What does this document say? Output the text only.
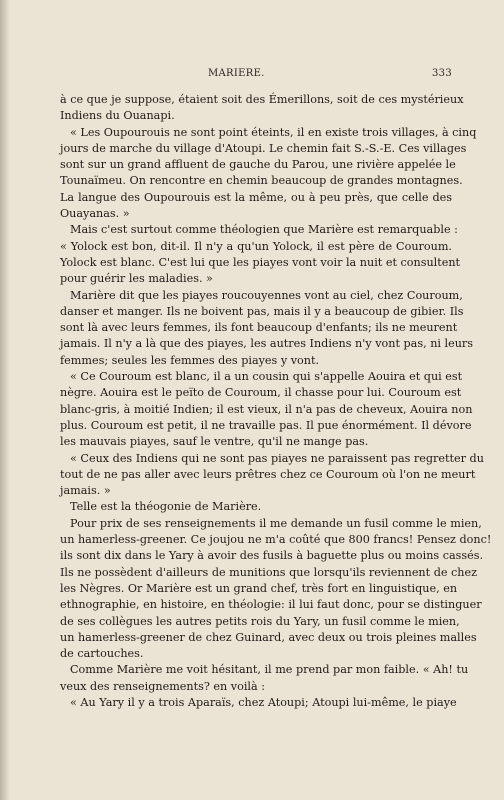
MARIERE.	333
à ce que je suppose, étaient soit des Émerillons, soit de ces mystérieux
Indiens du Ouanapi.
« Les Oupourouis ne sont point éteints, il en existe trois villages, à cinq
jours de marche du village d'Atoupi. Le chemin fait S.-S.-E. Ces villages
sont sur un grand affluent de gauche du Parou, une rivière appelée le
Tounaïmeu. On rencontre en chemin beaucoup de grandes montagnes.
La langue des Oupourouis est la même, ou à peu près, que celle des
Ouayanas. »
Mais c'est surtout comme théologien que Marière est remarquable :
« Yolock est bon, dit-il. Il n'y a qu'un Yolock, il est père de Couroum.
Yolock est blanc. C'est lui que les piayes vont voir la nuit et consultent
pour guérir les maladies. »
Marière dit que les piayes roucouyennes vont au ciel, chez Couroum,
danser et manger. Ils ne boivent pas, mais il y a beaucoup de gibier. Ils
sont là avec leurs femmes, ils font beaucoup d'enfants; ils ne meurent
jamais. Il n'y a là que des piayes, les autres Indiens n'y vont pas, ni leurs
femmes; seules les femmes des piayes y vont.
« Ce Couroum est blanc, il a un cousin qui s'appelle Aouira et qui est
nègre. Aouira est le peïto de Couroum, il chasse pour lui. Couroum est
blanc-gris, à moitié Indien; il est vieux, il n'a pas de cheveux, Aouira non
plus. Couroum est petit, il ne travaille pas. Il pue énormément. Il dévore
les mauvais piayes, sauf le ventre, qu'il ne mange pas.
« Ceux des Indiens qui ne sont pas piayes ne paraissent pas regretter du
tout de ne pas aller avec leurs prêtres chez ce Couroum où l'on ne meurt
jamais. »
Telle est la théogonie de Marière.
Pour prix de ses renseignements il me demande un fusil comme le mien,
un hamerless-greener. Ce joujou ne m'a coûté que 800 francs! Pensez donc!
ils sont dix dans le Yary à avoir des fusils à baguette plus ou moins cassés.
Ils ne possèdent d'ailleurs de munitions que lorsqu'ils reviennent de chez
les Nègres. Or Marière est un grand chef, très fort en linguistique, en
ethnographie, en histoire, en théologie: il lui faut donc, pour se distinguer
de ses collègues les autres petits rois du Yary, un fusil comme le mien,
un hamerless-greener de chez Guinard, avec deux ou trois pleines malles
de cartouches.
Comme Marière me voit hésitant, il me prend par mon faible. « Ah! tu
veux des renseignements? en voilà :
« Au Yary il y a trois Aparaïs, chez Atoupi; Atoupi lui-même, le piaye
